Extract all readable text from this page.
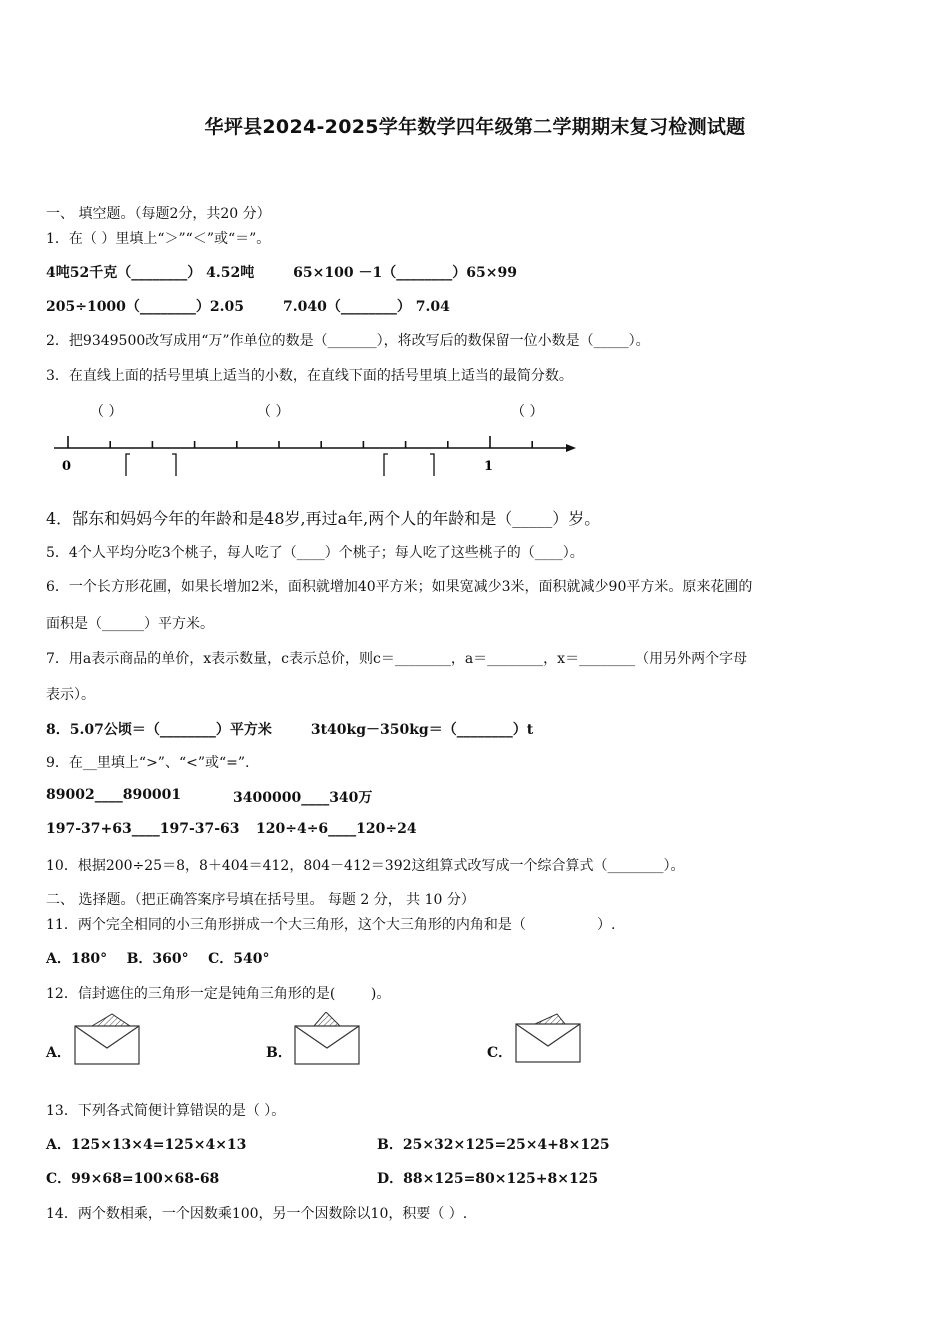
华坪县2024-2025学年数学四年级第二学期期末复习检测试题
一、 填空题。（每题2分，共20 分）
1．在（ ）里填上“＞”“＜”或“＝”。
4吨52千克（________） 4.52吨        65×100 －1（________）65×99
205÷1000（________）2.05        7.040（________） 7.04
2．把9349500改写成用“万”作单位的数是（_______），将改写后的数保留一位小数是（_____）。
3．在直线上面的括号里填上适当的小数，在直线下面的括号里填上适当的最简分数。
（ ）	（ ）	（ ）
0	1
4．郜东和妈妈今年的年龄和是48岁,再过a年,两个人的年龄和是（_____）岁。
5．4个人平均分吃3个桃子，每人吃了（____）个桃子；每人吃了这些桃子的（____）。
6．一个长方形花圃，如果长增加2米，面积就增加40平方米；如果宽减少3米，面积就减少90平方米。原来花圃的
面积是（______）平方米。
7．用a表示商品的单价，x表示数量，c表示总价，则c＝________，a＝________，x＝________（用另外两个字母
表示）。
8．5.07公顷＝（________）平方米        3t40kg－350kg＝（________）t
9．在__里填上“>”、“<”或“=”.
89002____890001	3400000____340万
197-37+63____197-37-63 120÷4÷6____120÷24
10．根据200÷25＝8，8＋404＝412，804－412＝392这组算式改写成一个综合算式（________）。
二、 选择题。（把正确答案序号填在括号里。 每题 2 分， 共 10 分）
11．两个完全相同的小三角形拼成一个大三角形，这个大三角形的内角和是（                ）.
A．180°    B．360°    C．540°
12．信封遮住的三角形一定是钝角三角形的是(        )。
A．	B．	C．
13．下列各式简便计算错误的是（ ）。
A．125×13×4=125×4×13	B．25×32×125=25×4+8×125
C．99×68=100×68-68	D．88×125=80×125+8×125
14．两个数相乘，一个因数乘100，另一个因数除以10，积要（ ）.
